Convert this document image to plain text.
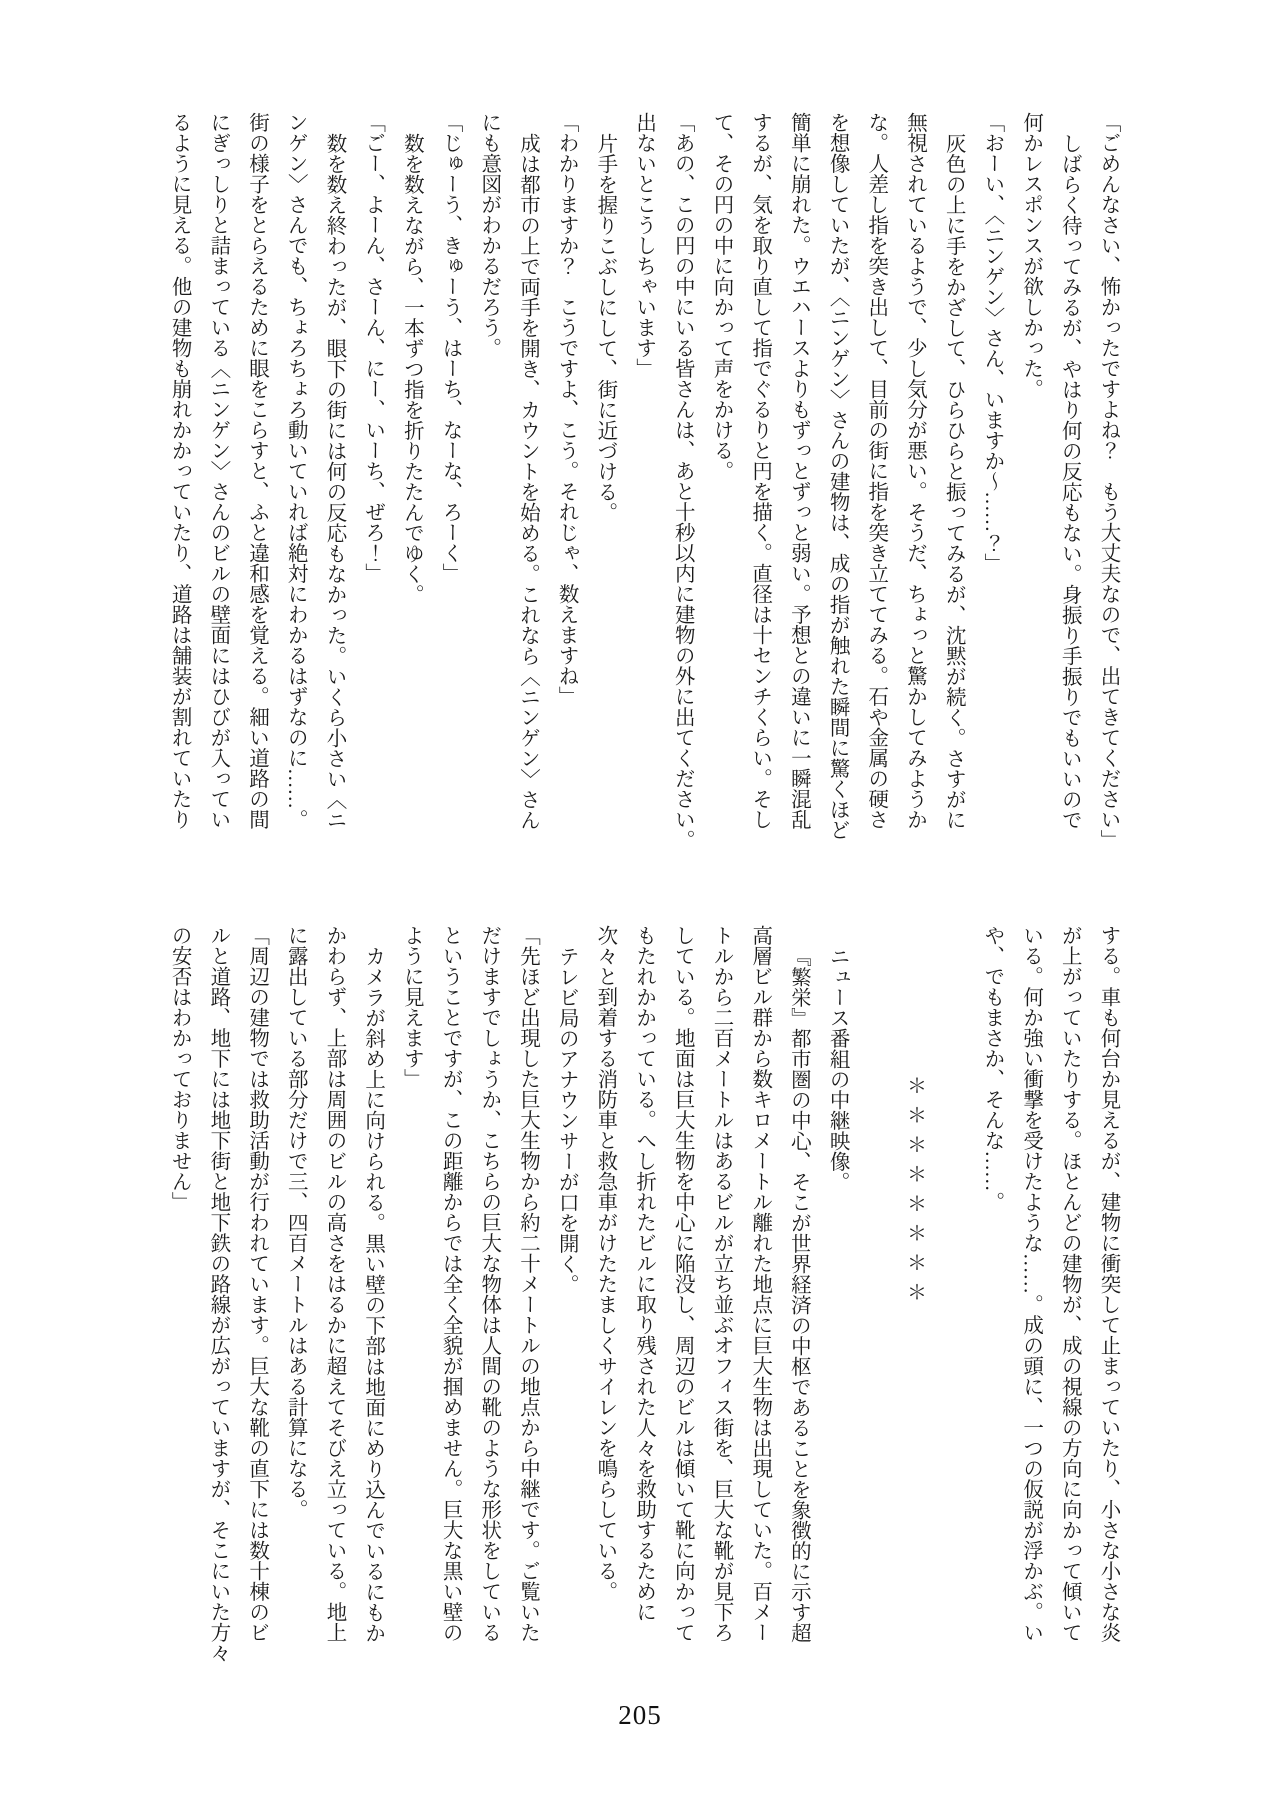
「ごめんなさい、怖かったですよね？　もう大丈夫なので、出てきてください」

しばらく待ってみるが、やはり何の反応もない。身振り手振りでもいいので

何かレスポンスが欲しかった。

「おーい、〈ニンゲン〉さん、いますか～……？」

灰色の上に手をかざして、ひらひらと振ってみるが、沈黙が続く。さすがに

無視されているようで、少し気分が悪い。そうだ、ちょっと驚かしてみようか

な。人差し指を突き出して、目前の街に指を突き立ててみる。石や金属の硬さ

を想像していたが、〈ニンゲン〉さんの建物は、成の指が触れた瞬間に驚くほど

簡単に崩れた。ウエハースよりもずっとずっと弱い。予想との違いに一瞬混乱

するが、気を取り直して指でぐるりと円を描く。直径は十センチくらい。そし

て、その円の中に向かって声をかける。

「あの、この円の中にいる皆さんは、あと十秒以内に建物の外に出てください。

出ないとこうしちゃいます」

片手を握りこぶしにして、街に近づける。

「わかりますか？　こうですよ、こう。それじゃ、数えますね」

成は都市の上で両手を開き、カウントを始める。これなら〈ニンゲン〉さん

にも意図がわかるだろう。

「じゅーう、きゅーう、はーち、なーな、ろーく」

数を数えながら、一本ずつ指を折りたたんでゆく。

「ごー、よーん、さーん、にー、いーち、ぜろ！」

数を数え終わったが、眼下の街には何の反応もなかった。いくら小さい〈ニ

ンゲン〉さんでも、ちょろちょろ動いていれば絶対にわかるはずなのに……。

街の様子をとらえるために眼をこらすと、ふと違和感を覚える。細い道路の間

にぎっしりと詰まっている〈ニンゲン〉さんのビルの壁面にはひびが入ってい

るように見える。他の建物も崩れかかっていたり、道路は舗装が割れていたり

する。車も何台か見えるが、建物に衝突して止まっていたり、小さな小さな炎

が上がっていたりする。ほとんどの建物が、成の視線の方向に向かって傾いて

いる。何か強い衝撃を受けたような……。成の頭に、一つの仮説が浮かぶ。い

や、でもまさか、そんな……。

＊＊＊＊＊＊＊＊

ニュース番組の中継映像。

『繁栄』都市圏の中心、そこが世界経済の中枢であることを象徴的に示す超

高層ビル群から数キロメートル離れた地点に巨大生物は出現していた。百メー

トルから二百メートルはあるビルが立ち並ぶオフィス街を、巨大な靴が見下ろ

している。地面は巨大生物を中心に陥没し、周辺のビルは傾いて靴に向かって

もたれかかっている。へし折れたビルに取り残された人々を救助するために

次々と到着する消防車と救急車がけたたましくサイレンを鳴らしている。

テレビ局のアナウンサーが口を開く。

「先ほど出現した巨大生物から約二十メートルの地点から中継です。ご覧いた

だけますでしょうか、こちらの巨大な物体は人間の靴のような形状をしている

ということですが、この距離からでは全く全貌が掴めません。巨大な黒い壁の

ように見えます」

カメラが斜め上に向けられる。黒い壁の下部は地面にめり込んでいるにもか

かわらず、上部は周囲のビルの高さをはるかに超えてそびえ立っている。地上

に露出している部分だけで三、四百メートルはある計算になる。

「周辺の建物では救助活動が行われています。巨大な靴の直下には数十棟のビ

ルと道路、地下には地下街と地下鉄の路線が広がっていますが、そこにいた方々

の安否はわかっておりません」

205
